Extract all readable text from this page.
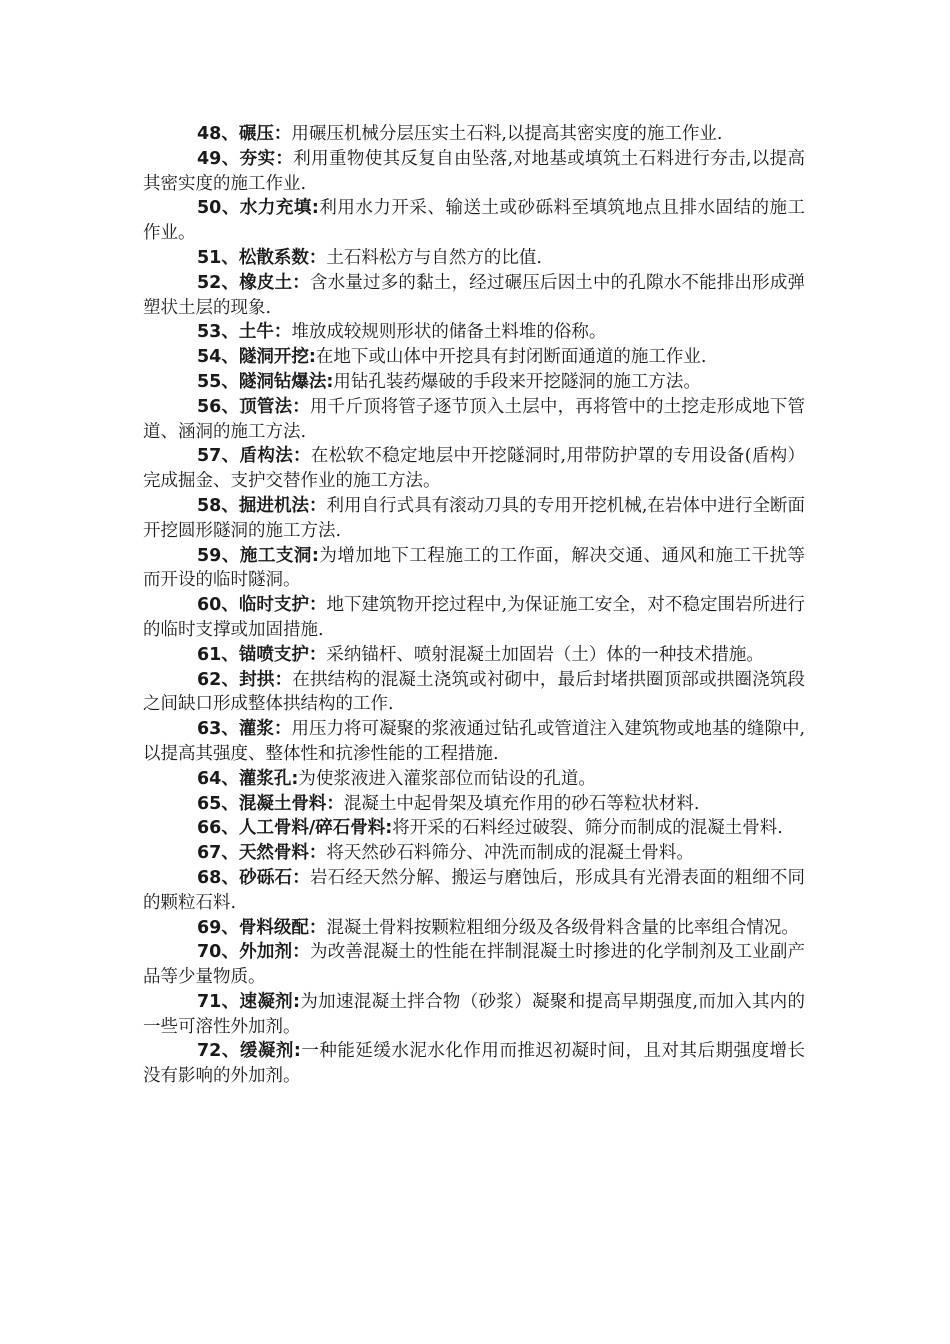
48、碾压：用碾压机械分层压实土石料,以提高其密实度的施工作业.

49、夯实：利用重物使其反复自由坠落,对地基或填筑土石料进行夯击,以提高其密实度的施工作业.

50、水力充填:利用水力开采、输送土或砂砾料至填筑地点且排水固结的施工作业。

51、松散系数：土石料松方与自然方的比值.

52、橡皮土：含水量过多的黏土，经过碾压后因土中的孔隙水不能排出形成弹塑状土层的现象.

53、土牛：堆放成较规则形状的储备土料堆的俗称。

54、隧洞开挖:在地下或山体中开挖具有封闭断面通道的施工作业.

55、隧洞钻爆法:用钻孔装药爆破的手段来开挖隧洞的施工方法。

56、顶管法：用千斤顶将管子逐节顶入土层中，再将管中的土挖走形成地下管道、涵洞的施工方法.

57、盾构法：在松软不稳定地层中开挖隧洞时,用带防护罩的专用设备(盾构）完成掘金、支护交替作业的施工方法。

58、掘进机法：利用自行式具有滚动刀具的专用开挖机械,在岩体中进行全断面开挖圆形隧洞的施工方法.

59、施工支洞:为增加地下工程施工的工作面，解决交通、通风和施工干扰等而开设的临时隧洞。

60、临时支护：地下建筑物开挖过程中,为保证施工安全，对不稳定围岩所进行的临时支撑或加固措施.

61、锚喷支护：采纳锚杆、喷射混凝土加固岩（土）体的一种技术措施。

62、封拱：在拱结构的混凝土浇筑或衬砌中，最后封堵拱圈顶部或拱圈浇筑段之间缺口形成整体拱结构的工作.

63、灌浆：用压力将可凝聚的浆液通过钻孔或管道注入建筑物或地基的缝隙中,以提高其强度、整体性和抗渗性能的工程措施.

64、灌浆孔:为使浆液进入灌浆部位而钻设的孔道。

65、混凝土骨料：混凝土中起骨架及填充作用的砂石等粒状材料.

66、人工骨料/碎石骨料:将开采的石料经过破裂、筛分而制成的混凝土骨料.

67、天然骨料：将天然砂石料筛分、冲洗而制成的混凝土骨料。

68、砂砾石：岩石经天然分解、搬运与磨蚀后，形成具有光滑表面的粗细不同的颗粒石料.

69、骨料级配：混凝土骨料按颗粒粗细分级及各级骨料含量的比率组合情况。

70、外加剂：为改善混凝土的性能在拌制混凝土时掺进的化学制剂及工业副产品等少量物质。

71、速凝剂:为加速混凝土拌合物（砂浆）凝聚和提高早期强度,而加入其内的一些可溶性外加剂。

72、缓凝剂:一种能延缓水泥水化作用而推迟初凝时间，且对其后期强度增长没有影响的外加剂。
